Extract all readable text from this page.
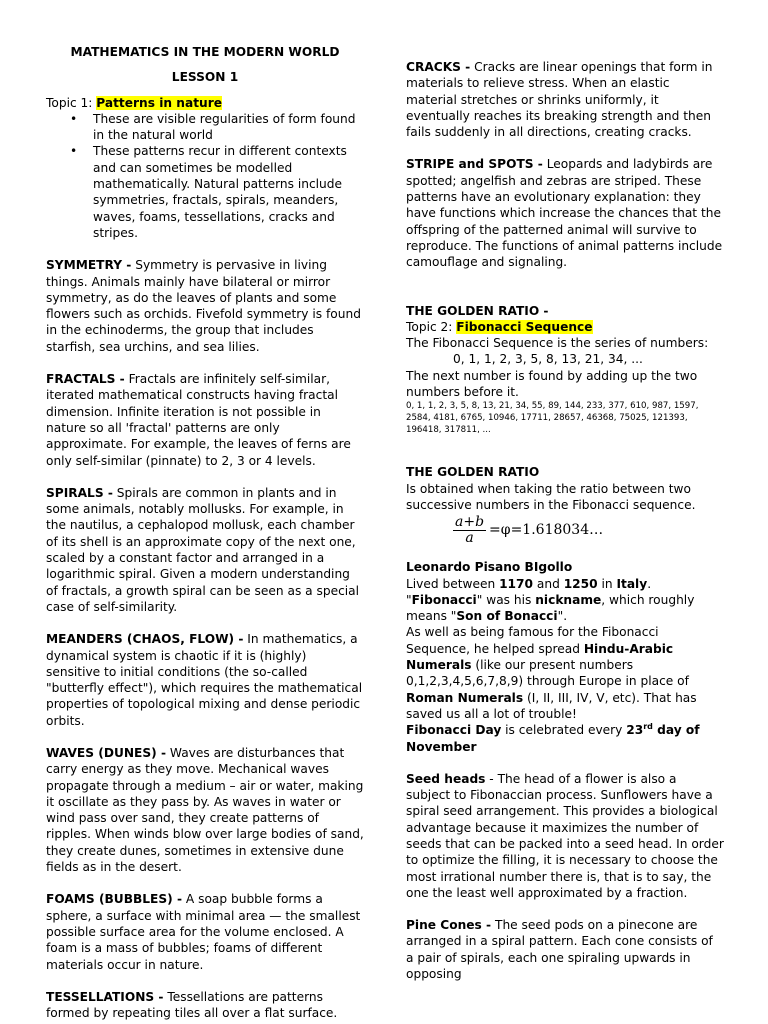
MATHEMATICS IN THE MODERN WORLD

LESSON 1

Topic 1: Patterns in nature

• These are visible regularities of form found in the natural world
• These patterns recur in different contexts and can sometimes be modelled mathematically. Natural patterns include symmetries, fractals, spirals, meanders, waves, foams, tessellations, cracks and stripes.

SYMMETRY - Symmetry is pervasive in living things. Animals mainly have bilateral or mirror symmetry, as do the leaves of plants and some flowers such as orchids. Fivefold symmetry is found in the echinoderms, the group that includes starfish, sea urchins, and sea lilies.

FRACTALS - Fractals are infinitely self-similar, iterated mathematical constructs having fractal dimension. Infinite iteration is not possible in nature so all 'fractal' patterns are only approximate. For example, the leaves of ferns are only self-similar (pinnate) to 2, 3 or 4 levels.

SPIRALS - Spirals are common in plants and in some animals, notably mollusks. For example, in the nautilus, a cephalopod mollusk, each chamber of its shell is an approximate copy of the next one, scaled by a constant factor and arranged in a logarithmic spiral. Given a modern understanding of fractals, a growth spiral can be seen as a special case of self-similarity.

MEANDERS (CHAOS, FLOW) - In mathematics, a dynamical system is chaotic if it is (highly) sensitive to initial conditions (the so-called "butterfly effect"), which requires the mathematical properties of topological mixing and dense periodic orbits.

WAVES (DUNES) - Waves are disturbances that carry energy as they move. Mechanical waves propagate through a medium – air or water, making it oscillate as they pass by. As waves in water or wind pass over sand, they create patterns of ripples. When winds blow over large bodies of sand, they create dunes, sometimes in extensive dune fields as in the desert.

FOAMS (BUBBLES) - A soap bubble forms a sphere, a surface with minimal area — the smallest possible surface area for the volume enclosed. A foam is a mass of bubbles; foams of different materials occur in nature.

TESSELLATIONS - Tessellations are patterns formed by repeating tiles all over a flat surface.

CRACKS - Cracks are linear openings that form in materials to relieve stress. When an elastic material stretches or shrinks uniformly, it eventually reaches its breaking strength and then fails suddenly in all directions, creating cracks.

STRIPE and SPOTS - Leopards and ladybirds are spotted; angelfish and zebras are striped. These patterns have an evolutionary explanation: they have functions which increase the chances that the offspring of the patterned animal will survive to reproduce. The functions of animal patterns include camouflage and signaling.

THE GOLDEN RATIO -

Topic 2: Fibonacci Sequence

The Fibonacci Sequence is the series of numbers:

0, 1, 1, 2, 3, 5, 8, 13, 21, 34, ...

The next number is found by adding up the two numbers before it.

0, 1, 1, 2, 3, 5, 8, 13, 21, 34, 55, 89, 144, 233, 377, 610, 987, 1597, 2584, 4181, 6765, 10946, 17711, 28657, 46368, 75025, 121393, 196418, 317811, ...

THE GOLDEN RATIO

Is obtained when taking the ratio between two successive numbers in the Fibonacci sequence.

$\frac{a+b}{a}$ =φ=1.618034…

Leonardo Pisano BIgollo

Lived between 1170 and 1250 in Italy.

"Fibonacci" was his nickname, which roughly means "Son of Bonacci".

As well as being famous for the Fibonacci Sequence, he helped spread Hindu-Arabic Numerals (like our present numbers 0,1,2,3,4,5,6,7,8,9) through Europe in place of Roman Numerals (I, II, III, IV, V, etc). That has saved us all a lot of trouble!

Fibonacci Day is celebrated every 23rd day of November

Seed heads - The head of a flower is also a subject to Fibonaccian process. Sunflowers have a spiral seed arrangement. This provides a biological advantage because it maximizes the number of seeds that can be packed into a seed head. In order to optimize the filling, it is necessary to choose the most irrational number there is, that is to say, the one the least well approximated by a fraction.

Pine Cones - The seed pods on a pinecone are arranged in a spiral pattern. Each cone consists of a pair of spirals, each one spiraling upwards in opposing
